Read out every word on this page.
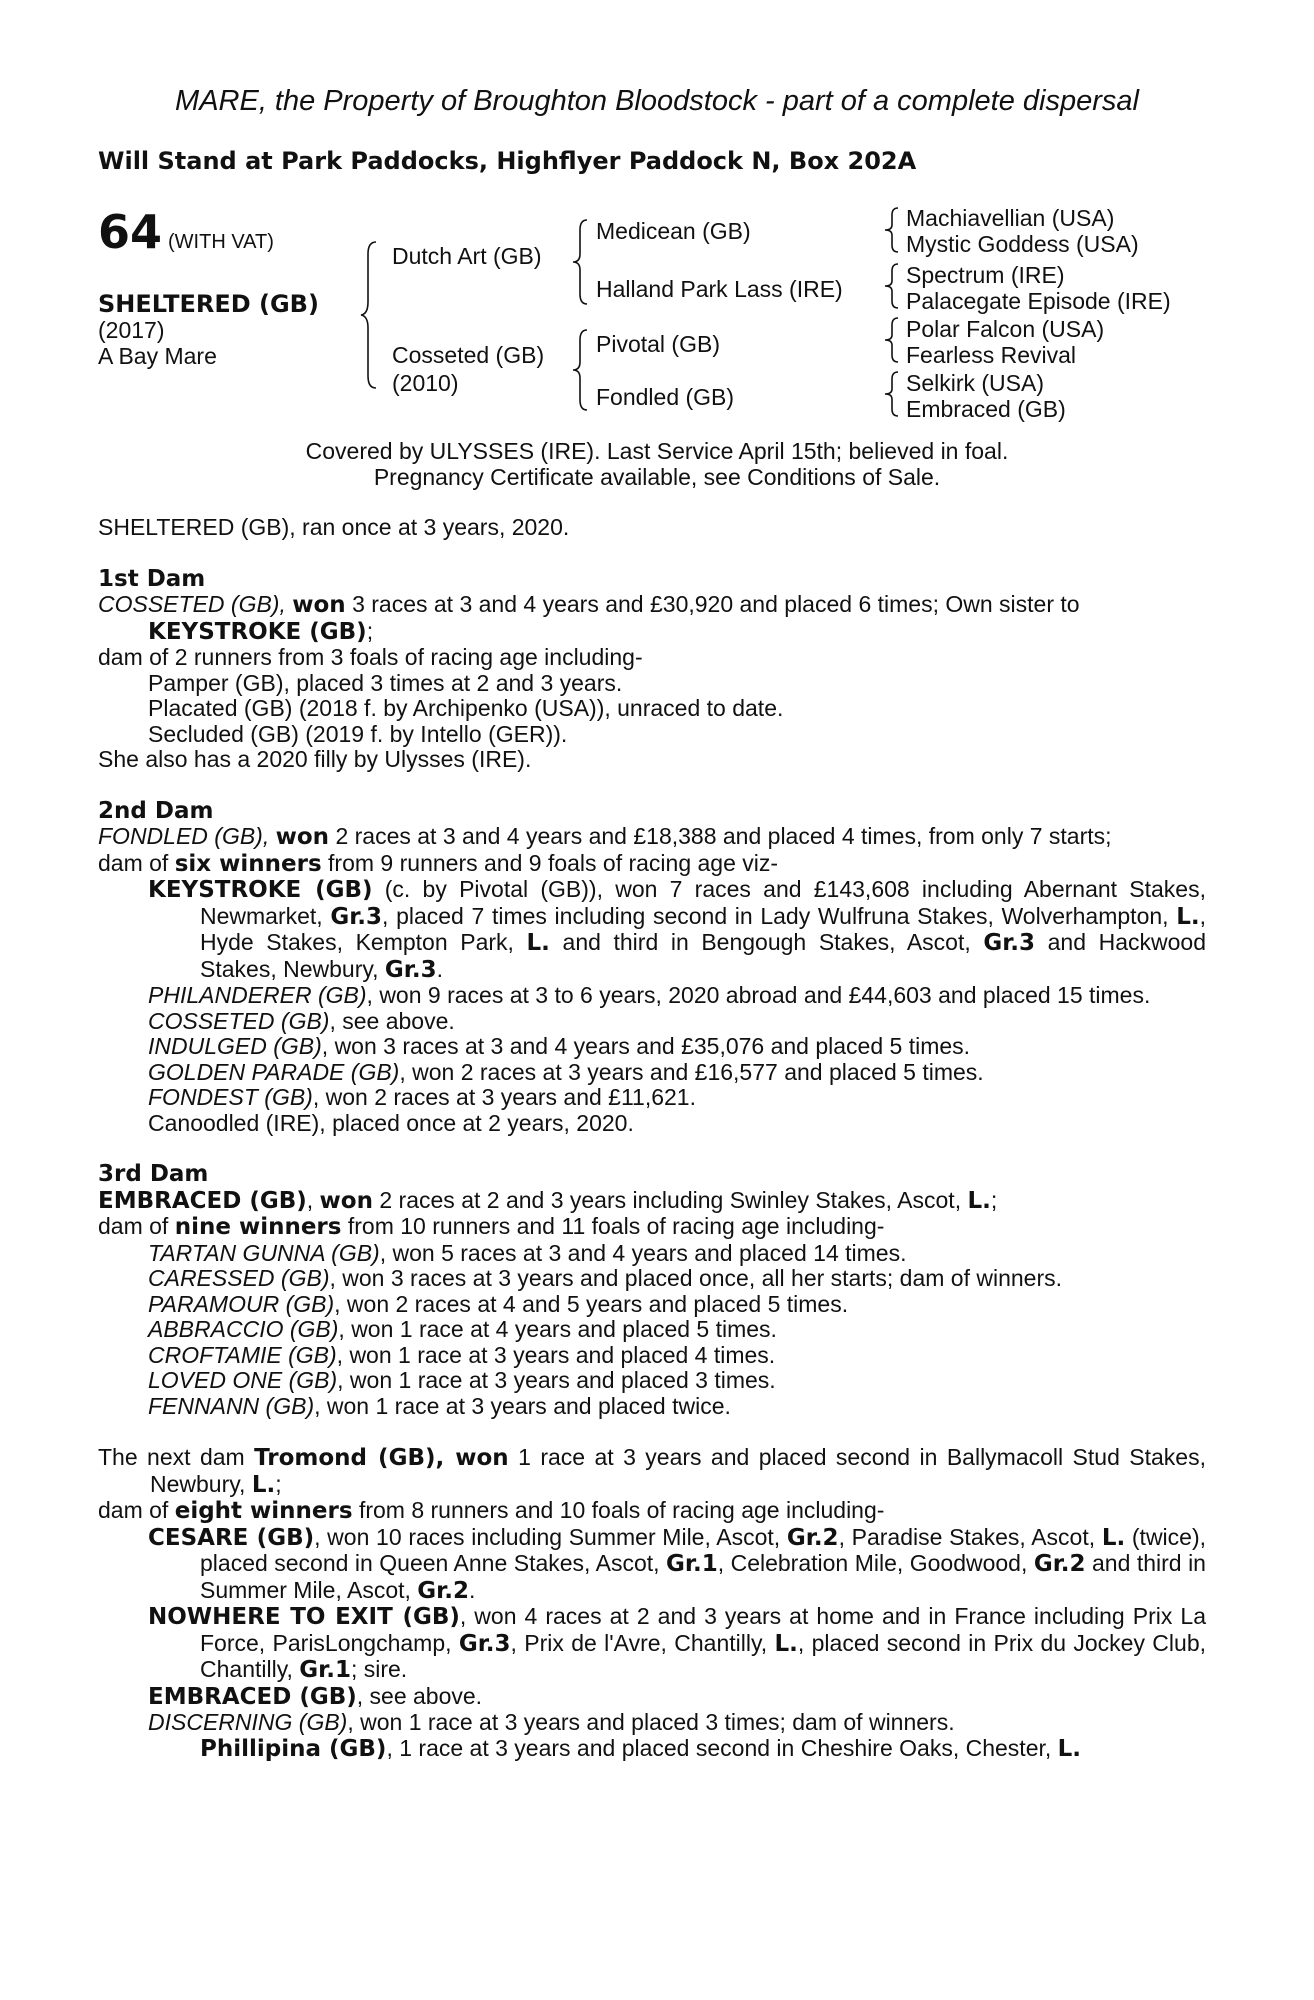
MARE, the Property of Broughton Bloodstock - part of a complete dispersal
Will Stand at Park Paddocks, Highflyer Paddock N, Box 202A
64 (WITH VAT)
SHELTERED (GB)
(2017)
A Bay Mare
Dutch Art (GB)
Cosseted (GB)
(2010)
Medicean (GB)
Halland Park Lass (IRE)
Pivotal (GB)
Fondled (GB)
Machiavellian (USA)
Mystic Goddess (USA)
Spectrum (IRE)
Palacegate Episode (IRE)
Polar Falcon (USA)
Fearless Revival
Selkirk (USA)
Embraced (GB)
Covered by ULYSSES (IRE). Last Service April 15th; believed in foal.
Pregnancy Certificate available, see Conditions of Sale.

SHELTERED (GB), ran once at 3 years, 2020.

1st Dam

COSSETED (GB), won 3 races at 3 and 4 years and £30,920 and placed 6 times; Own sister to

KEYSTROKE (GB);

dam of 2 runners from 3 foals of racing age including-

Pamper (GB), placed 3 times at 2 and 3 years.

Placated (GB) (2018 f. by Archipenko (USA)), unraced to date.

Secluded (GB) (2019 f. by Intello (GER)).

She also has a 2020 filly by Ulysses (IRE).

2nd Dam

FONDLED (GB), won 2 races at 3 and 4 years and £18,388 and placed 4 times, from only 7 starts;

dam of six winners from 9 runners and 9 foals of racing age viz-

KEYSTROKE (GB) (c. by Pivotal (GB)), won 7 races and £143,608 including Abernant Stakes, Newmarket, Gr.3, placed 7 times including second in Lady Wulfruna Stakes, Wolverhampton, L., Hyde Stakes, Kempton Park, L. and third in Bengough Stakes, Ascot, Gr.3 and Hackwood Stakes, Newbury, Gr.3.

PHILANDERER (GB), won 9 races at 3 to 6 years, 2020 abroad and £44,603 and placed 15 times.

COSSETED (GB), see above.

INDULGED (GB), won 3 races at 3 and 4 years and £35,076 and placed 5 times.

GOLDEN PARADE (GB), won 2 races at 3 years and £16,577 and placed 5 times.

FONDEST (GB), won 2 races at 3 years and £11,621.

Canoodled (IRE), placed once at 2 years, 2020.

3rd Dam

EMBRACED (GB), won 2 races at 2 and 3 years including Swinley Stakes, Ascot, L.;

dam of nine winners from 10 runners and 11 foals of racing age including-

TARTAN GUNNA (GB), won 5 races at 3 and 4 years and placed 14 times.

CARESSED (GB), won 3 races at 3 years and placed once, all her starts; dam of winners.

PARAMOUR (GB), won 2 races at 4 and 5 years and placed 5 times.

ABBRACCIO (GB), won 1 race at 4 years and placed 5 times.

CROFTAMIE (GB), won 1 race at 3 years and placed 4 times.

LOVED ONE (GB), won 1 race at 3 years and placed 3 times.

FENNANN (GB), won 1 race at 3 years and placed twice.

The next dam Tromond (GB), won 1 race at 3 years and placed second in Ballymacoll Stud Stakes, Newbury, L.;

dam of eight winners from 8 runners and 10 foals of racing age including-

CESARE (GB), won 10 races including Summer Mile, Ascot, Gr.2, Paradise Stakes, Ascot, L. (twice), placed second in Queen Anne Stakes, Ascot, Gr.1, Celebration Mile, Goodwood, Gr.2 and third in Summer Mile, Ascot, Gr.2.

NOWHERE TO EXIT (GB), won 4 races at 2 and 3 years at home and in France including Prix La Force, ParisLongchamp, Gr.3, Prix de l'Avre, Chantilly, L., placed second in Prix du Jockey Club, Chantilly, Gr.1; sire.

EMBRACED (GB), see above.

DISCERNING (GB), won 1 race at 3 years and placed 3 times; dam of winners.

Phillipina (GB), 1 race at 3 years and placed second in Cheshire Oaks, Chester, L.
